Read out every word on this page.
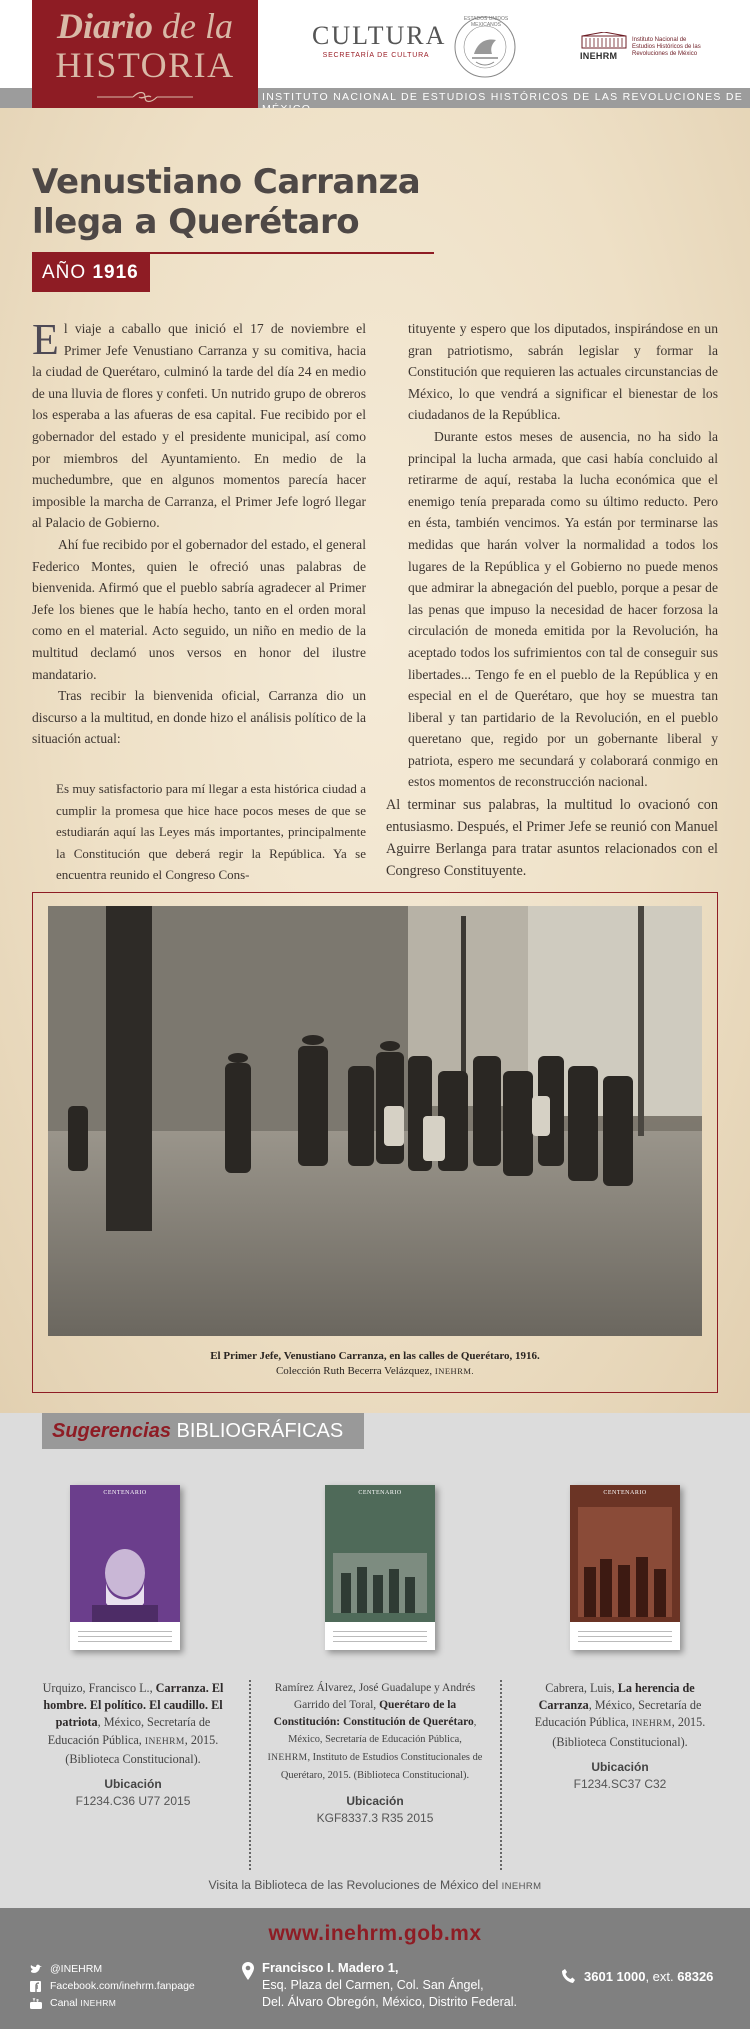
INSTITUTO NACIONAL DE ESTUDIOS HISTÓRICOS DE LAS REVOLUCIONES DE
Diario de la
HISTORIA
CULTURA
SECRETARÍA DE CULTURA
ESTADOS UNIDOS MEXICANOS
INEHRM
Instituto Nacional de Estudios Históricos de las Revoluciones de México
Venustiano Carranza llega a Querétaro
AÑO 1916

El viaje a caballo que inició el 17 de noviembre el Primer Jefe Venustiano Carranza y su comitiva, hacia la ciudad de Querétaro, culminó la tarde del día 24 en medio de una lluvia de flores y confeti. Un nutrido grupo de obreros los esperaba a las afueras de esa capital. Fue recibido por el gobernador del estado y el presidente municipal, así como por miembros del Ayuntamiento. En medio de la muchedumbre, que en algunos momentos parecía hacer imposible la marcha de Carranza, el Primer Jefe logró llegar al Palacio de Gobierno.

Ahí fue recibido por el gobernador del estado, el general Federico Montes, quien le ofreció unas palabras de bienvenida. Afirmó que el pueblo sabría agradecer al Primer Jefe los bienes que le había hecho, tanto en el orden moral como en el material. Acto seguido, un niño en medio de la multitud declamó unos versos en honor del ilustre mandatario.

Tras recibir la bienvenida oficial, Carranza dio un discurso a la multitud, en donde hizo el análisis político de la situación actual:

Es muy satisfactorio para mí llegar a esta histórica ciudad a cumplir la promesa que hice hace pocos meses de que se estudiarán aquí las Leyes más importantes, principalmente la Constitución que deberá regir la República. Ya se encuentra reunido el Congreso Cons-

tituyente y espero que los diputados, inspirándose en un gran patriotismo, sabrán legislar y formar la Constitución que requieren las actuales circunstancias de México, lo que vendrá a significar el bienestar de los ciudadanos de la República.

Durante estos meses de ausencia, no ha sido la principal la lucha armada, que casi había concluido al retirarme de aquí, restaba la lucha económica que el enemigo tenía preparada como su último reducto. Pero en ésta, también vencimos. Ya están por terminarse las medidas que harán volver la normalidad a todos los lugares de la República y el Gobierno no puede menos que admirar la abnegación del pueblo, porque a pesar de las penas que impuso la necesidad de hacer forzosa la circulación de moneda emitida por la Revolución, ha aceptado todos los sufrimientos con tal de conseguir sus libertades... Tengo fe en el pueblo de la República y en especial en el de Querétaro, que hoy se muestra tan liberal y tan partidario de la Revolución, en el pueblo queretano que, regido por un gobernante liberal y patriota, espero me secundará y colaborará conmigo en estos momentos de reconstrucción nacional.

Al terminar sus palabras, la multitud lo ovacionó con entusiasmo. Después, el Primer Jefe se reunió con Manuel Aguirre Berlanga para tratar asuntos relacionados con el Congreso Constituyente.
El Primer Jefe, Venustiano Carranza, en las calles de Querétaro, 1916.
Colección Ruth Becerra Velázquez, INEHRM.
Sugerencias BIBLIOGRÁFICAS
CENTENARIO	CENTENARIO	CENTENARIO
Urquizo, Francisco L., Carranza. El hombre. El político. El caudillo. El patriota, México, Secretaría de Educación Pública, INEHRM, 2015. (Biblioteca Constitucional).
Ubicación
F1234.C36 U77 2015
Ramírez Álvarez, José Guadalupe y Andrés Garrido del Toral, Querétaro de la Constitución: Constitución de Querétaro, México, Secretaría de Educación Pública, INEHRM, Instituto de Estudios Constitucionales de Querétaro, 2015. (Biblioteca Constitucional).
Ubicación
KGF8337.3 R35 2015
Cabrera, Luis, La herencia de Carranza, México, Secretaría de Educación Pública, INEHRM, 2015. (Biblioteca Constitucional).
Ubicación
F1234.SC37 C32
Visita la Biblioteca de las Revoluciones de México del INEHRM
www.inehrm.gob.mx
@INEHRM
Facebook.com/inehrm.fanpage
Canal INEHRM
Francisco I. Madero 1,
Esq. Plaza del Carmen, Col. San Ángel,
Del. Álvaro Obregón, México, Distrito Federal.
3601 1000, ext. 68326
